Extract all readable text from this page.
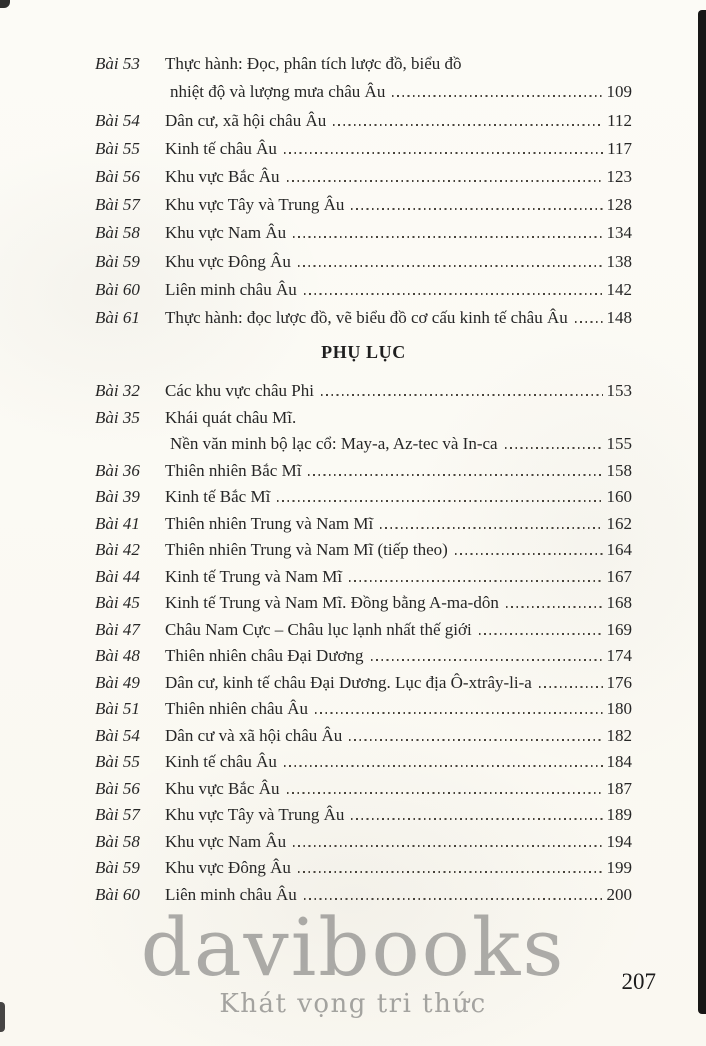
Bài 53	Thực hành: Đọc, phân tích lược đồ, biểu đồ
nhiệt độ và lượng mưa châu Âu	109
Bài 54	Dân cư, xã hội châu Âu	112
Bài 55	Kinh tế châu Âu	117
Bài 56	Khu vực Bắc Âu	123
Bài 57	Khu vực Tây và Trung Âu	128
Bài 58	Khu vực Nam Âu	134
Bài 59	Khu vực Đông Âu	138
Bài 60	Liên minh châu Âu	142
Bài 61	Thực hành: đọc lược đồ, vẽ biểu đồ cơ cấu kinh tế châu Âu 148
PHỤ LỤC
Bài 32	Các khu vực châu Phi	153
Bài 35	Khái quát châu Mĩ.
Nền văn minh bộ lạc cổ: May-a, Az-tec và In-ca	155
Bài 36	Thiên nhiên Bắc Mĩ	158
Bài 39	Kinh tế Bắc Mĩ	160
Bài 41	Thiên nhiên Trung và Nam Mĩ	162
Bài 42	Thiên nhiên Trung và Nam Mĩ (tiếp theo)	164
Bài 44	Kinh tế Trung và Nam Mĩ	167
Bài 45	Kinh tế Trung và Nam Mĩ. Đồng bằng A-ma-dôn	168
Bài 47	Châu Nam Cực – Châu lục lạnh nhất thế giới	169
Bài 48	Thiên nhiên châu Đại Dương	174
Bài 49	Dân cư, kinh tế châu Đại Dương. Lục địa Ô-xtrây-li-a	176
Bài 51	Thiên nhiên châu Âu	180
Bài 54	Dân cư và xã hội châu Âu	182
Bài 55	Kinh tế châu Âu	184
Bài 56	Khu vực Bắc Âu	187
Bài 57	Khu vực Tây và Trung Âu	189
Bài 58	Khu vực Nam Âu	194
Bài 59	Khu vực Đông Âu	199
Bài 60	Liên minh châu Âu	200
davibooks
Khát vọng tri thức
207
